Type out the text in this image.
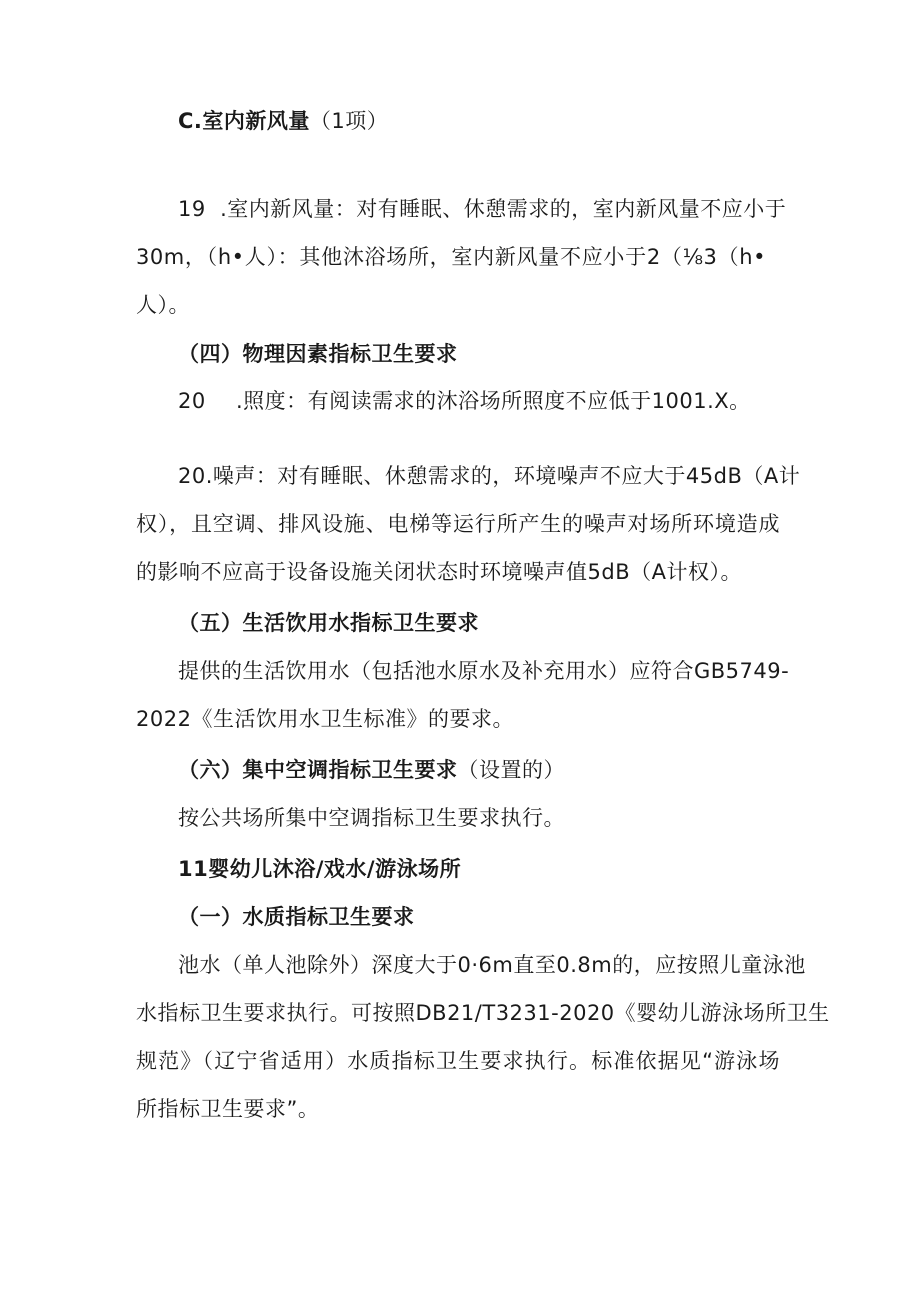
C.室内新风量（1项）
19  .室内新风量：对有睡眠、休憩需求的，室内新风量不应小于
30m，（h•人）：其他沐浴场所，室内新风量不应小于2（⅛3（h•
人）。
（四）物理因素指标卫生要求
20 .照度：有阅读需求的沐浴场所照度不应低于1001.X。
20.噪声：对有睡眠、休憩需求的，环境噪声不应大于45dB（A计
权），且空调、排风设施、电梯等运行所产生的噪声对场所环境造成
的影响不应高于设备设施关闭状态时环境噪声值5dB（A计权）。
（五）生活饮用水指标卫生要求
提供的生活饮用水（包括池水原水及补充用水）应符合GB5749-
2022《生活饮用水卫生标准》的要求。
（六）集中空调指标卫生要求（设置的）
按公共场所集中空调指标卫生要求执行。
11婴幼儿沐浴/戏水/游泳场所
（一）水质指标卫生要求
池水（单人池除外）深度大于0·6m直至0.8m的，应按照儿童泳池
水指标卫生要求执行。可按照DB21/T3231-2020《婴幼儿游泳场所卫生
规范》（辽宁省适用）水质指标卫生要求执行。标准依据见“游泳场
所指标卫生要求”。
